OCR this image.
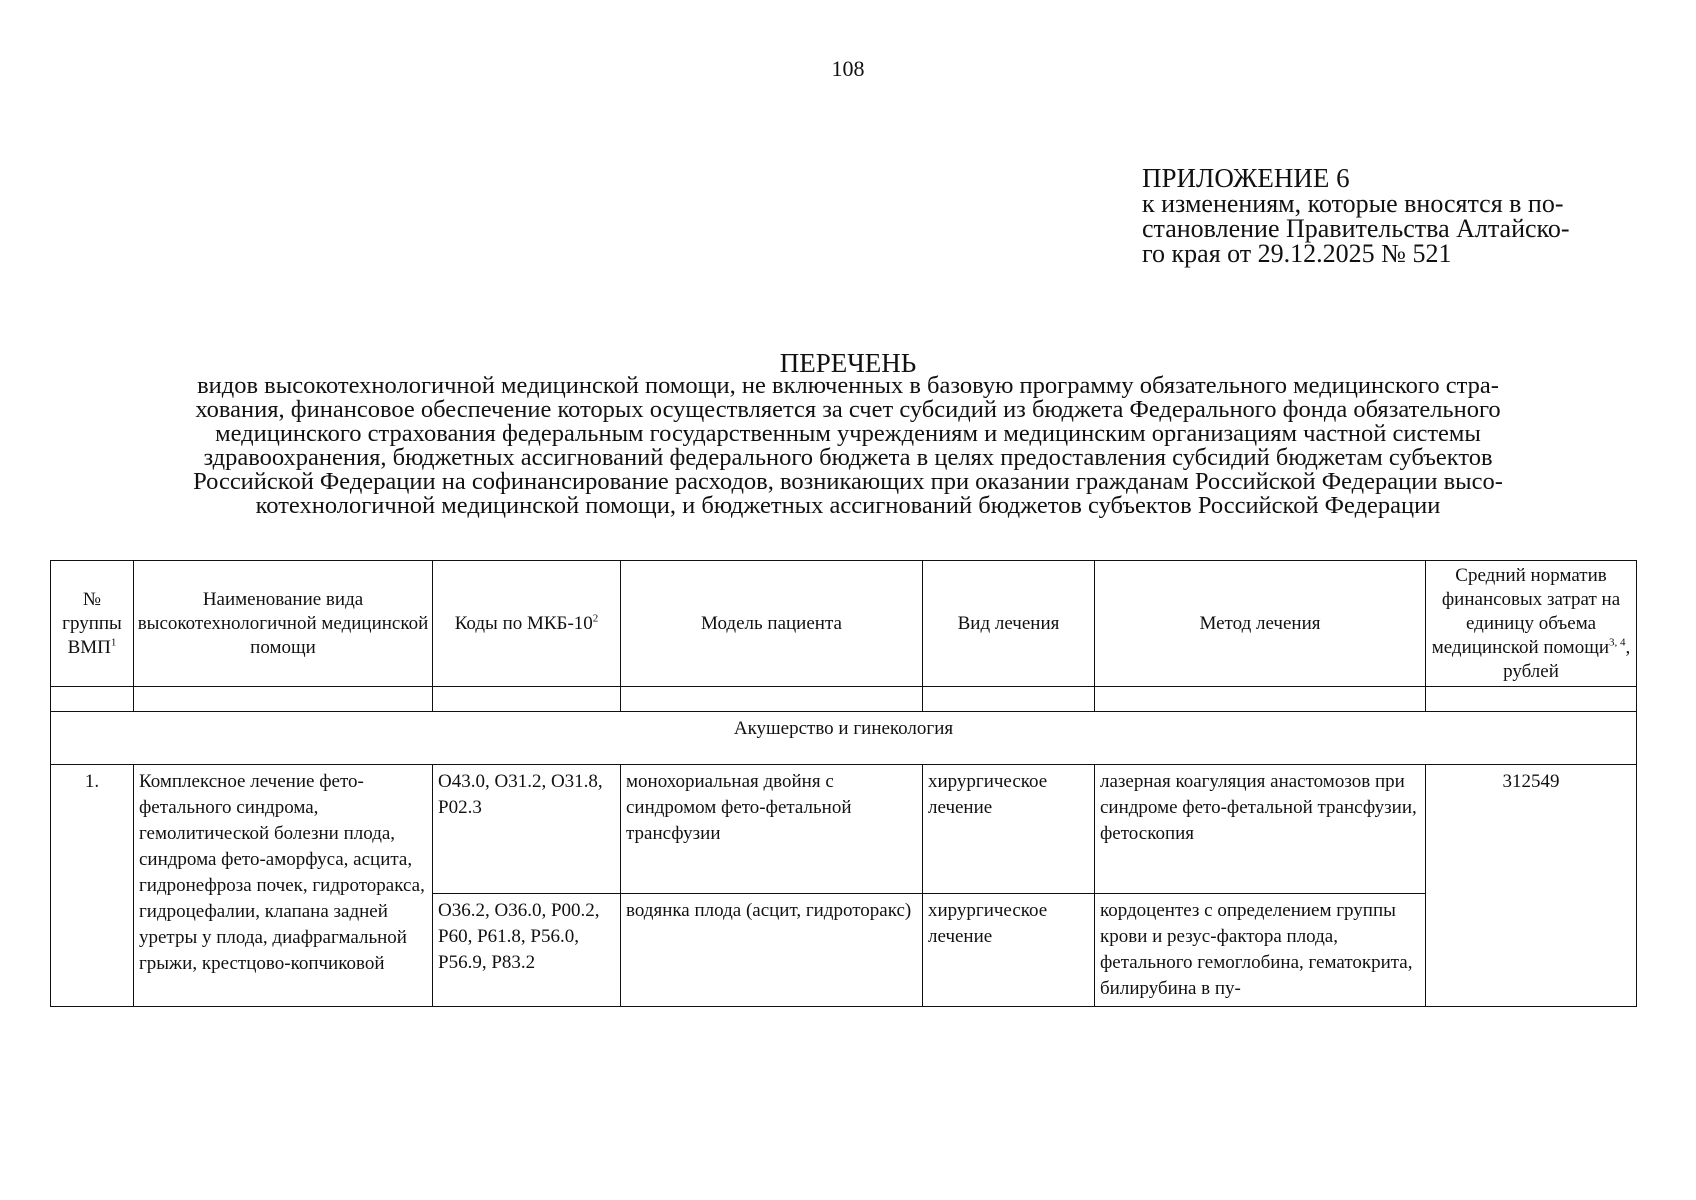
108
ПРИЛОЖЕНИЕ 6
к изменениям, которые вносятся в по-
становление Правительства Алтайско-
го края от 29.12.2025 № 521
ПЕРЕЧЕНЬ
видов высокотехнологичной медицинской помощи, не включенных в базовую программу обязательного медицинского стра-
хования, финансовое обеспечение которых осуществляется за счет субсидий из бюджета Федерального фонда обязательного
медицинского страхования федеральным государственным учреждениям и медицинским организациям частной системы
здравоохранения, бюджетных ассигнований федерального бюджета в целях предоставления субсидий бюджетам субъектов
Российской Федерации на софинансирование расходов, возникающих при оказании гражданам Российской Федерации высо-
котехнологичной медицинской помощи, и бюджетных ассигнований бюджетов субъектов Российской Федерации
№ группы ВМП$^1$	Наименование вида высокотехнологичной медицинской помощи	Коды по МКБ-$10^2$	Модель пациента	Вид лечения	Метод лечения	Средний норматив финансовых затрат на единицу объема медицинской помощи$^{3, 4}$, рублей

Акушерство и гинекология						
1.	Комплексное лечение фето-фетального синдрома, гемолитической болезни плода, синдрома фето-аморфуса, асцита, гидронефроза почек, гидроторакса, гидроцефалии, клапана задней уретры у плода, диафрагмальной грыжи, крестцово-копчиковой	O43.0, O31.2, O31.8, P02.3	монохориальная двойня с синдромом фето-фетальной трансфузии	хирургическое лечение	лазерная коагуляция анастомозов при синдроме фето-фетальной трансфузии, фетоскопия	312549
		O36.2, O36.0, P00.2, P60, P61.8, P56.0, P56.9, P83.2	водянка плода (асцит, гидроторакс)	хирургическое лечение	кордоцентез с определением группы крови и резус-фактора плода, фетального гемоглобина, гематокрита, билирубина в пу-	
